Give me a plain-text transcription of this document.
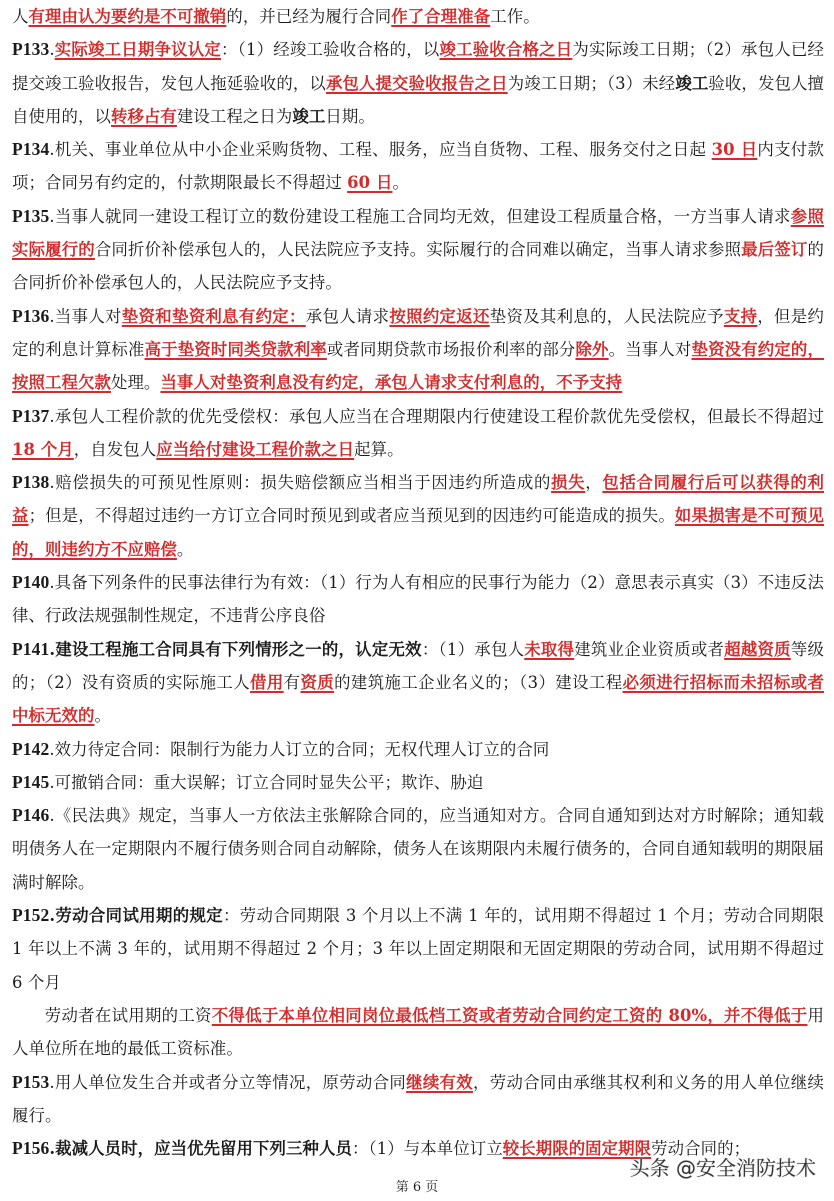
人有理由认为要约是不可撤销的，并已经为履行合同作了合理准备工作。

P133.实际竣工日期争议认定：（1）经竣工验收合格的，以竣工验收合格之日为实际竣工日期；（2）承包人已经提交竣工验收报告，发包人拖延验收的，以承包人提交验收报告之日为竣工日期；（3）未经竣工验收，发包人擅自使用的，以转移占有建设工程之日为竣工日期。

P134.机关、事业单位从中小企业采购货物、工程、服务，应当自货物、工程、服务交付之日起 30 日内支付款项；合同另有约定的，付款期限最长不得超过 60 日。

P135.当事人就同一建设工程订立的数份建设工程施工合同均无效，但建设工程质量合格，一方当事人请求参照实际履行的合同折价补偿承包人的，人民法院应予支持。实际履行的合同难以确定，当事人请求参照最后签订的合同折价补偿承包人的，人民法院应予支持。

P136.当事人对垫资和垫资利息有约定：承包人请求按照约定返还垫资及其利息的，人民法院应予支持，但是约定的利息计算标准高于垫资时同类贷款利率或者同期贷款市场报价利率的部分除外。当事人对垫资没有约定的，按照工程欠款处理。当事人对垫资利息没有约定，承包人请求支付利息的，不予支持

P137.承包人工程价款的优先受偿权：承包人应当在合理期限内行使建设工程价款优先受偿权，但最长不得超过 18 个月，自发包人应当给付建设工程价款之日起算。

P138.赔偿损失的可预见性原则：损失赔偿额应当相当于因违约所造成的损失，包括合同履行后可以获得的利益；但是，不得超过违约一方订立合同时预见到或者应当预见到的因违约可能造成的损失。如果损害是不可预见的，则违约方不应赔偿。

P140.具备下列条件的民事法律行为有效：（1）行为人有相应的民事行为能力（2）意思表示真实（3）不违反法律、行政法规强制性规定，不违背公序良俗

P141.建设工程施工合同具有下列情形之一的，认定无效：（1）承包人未取得建筑业企业资质或者超越资质等级的；（2）没有资质的实际施工人借用有资质的建筑施工企业名义的；（3）建设工程必须进行招标而未招标或者中标无效的。

P142.效力待定合同：限制行为能力人订立的合同；无权代理人订立的合同

P145.可撤销合同：重大误解；订立合同时显失公平；欺诈、胁迫

P146.《民法典》规定，当事人一方依法主张解除合同的，应当通知对方。合同自通知到达对方时解除；通知载明债务人在一定期限内不履行债务则合同自动解除，债务人在该期限内未履行债务的，合同自通知载明的期限届满时解除。

P152.劳动合同试用期的规定：劳动合同期限 3 个月以上不满 1 年的，试用期不得超过 1 个月；劳动合同期限 1 年以上不满 3 年的，试用期不得超过 2 个月；3 年以上固定期限和无固定期限的劳动合同，试用期不得超过 6 个月

劳动者在试用期的工资不得低于本单位相同岗位最低档工资或者劳动合同约定工资的 80%，并不得低于用人单位所在地的最低工资标准。

P153.用人单位发生合并或者分立等情况，原劳动合同继续有效，劳动合同由承继其权利和义务的用人单位继续履行。

P156.裁减人员时，应当优先留用下列三种人员：（1）与本单位订立较长期限的固定期限劳动合同的；

头条 @安全消防技术
第 6 页
